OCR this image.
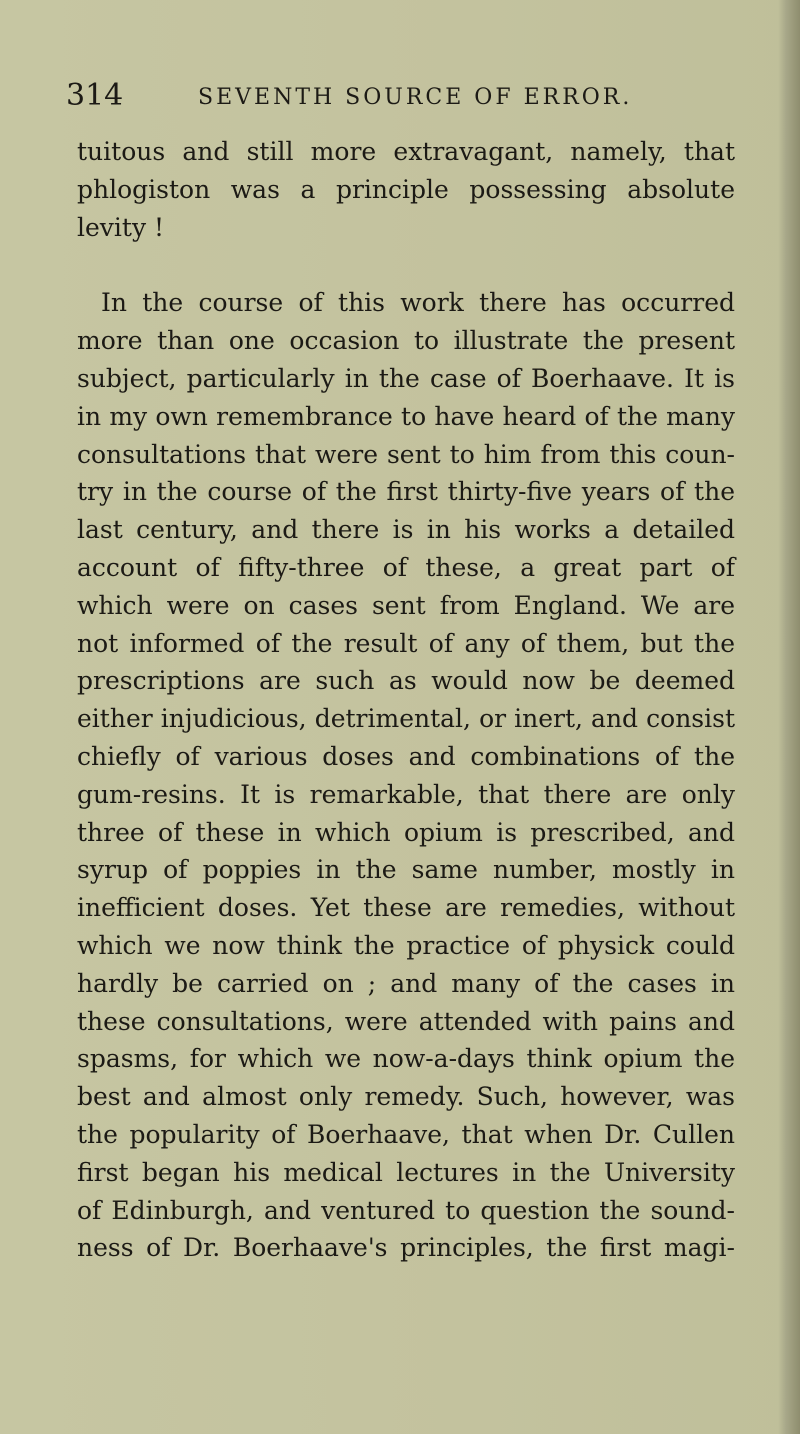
314	SEVENTH SOURCE OF ERROR.
tuitous and still more extravagant, namely, that
phlogiston was a principle possessing absolute
levity !
In the course of this work there has occurred
more than one occasion to illustrate the present
subject, particularly in the case of Boerhaave. It is
in my own remembrance to have heard of the many
consultations that were sent to him from this coun-
try in the course of the first thirty-five years of the
last century, and there is in his works a detailed
account of fifty-three of these, a great part of
which were on cases sent from England. We are
not informed of the result of any of them, but the
prescriptions are such as would now be deemed
either injudicious, detrimental, or inert, and consist
chiefly of various doses and combinations of the
gum-resins. It is remarkable, that there are only
three of these in which opium is prescribed, and
syrup of poppies in the same number, mostly in
inefficient doses. Yet these are remedies, without
which we now think the practice of physick could
hardly be carried on ; and many of the cases in
these consultations, were attended with pains and
spasms, for which we now-a-days think opium the
best and almost only remedy. Such, however, was
the popularity of Boerhaave, that when Dr. Cullen
first began his medical lectures in the University
of Edinburgh, and ventured to question the sound-
ness of Dr. Boerhaave's principles, the first magi-
